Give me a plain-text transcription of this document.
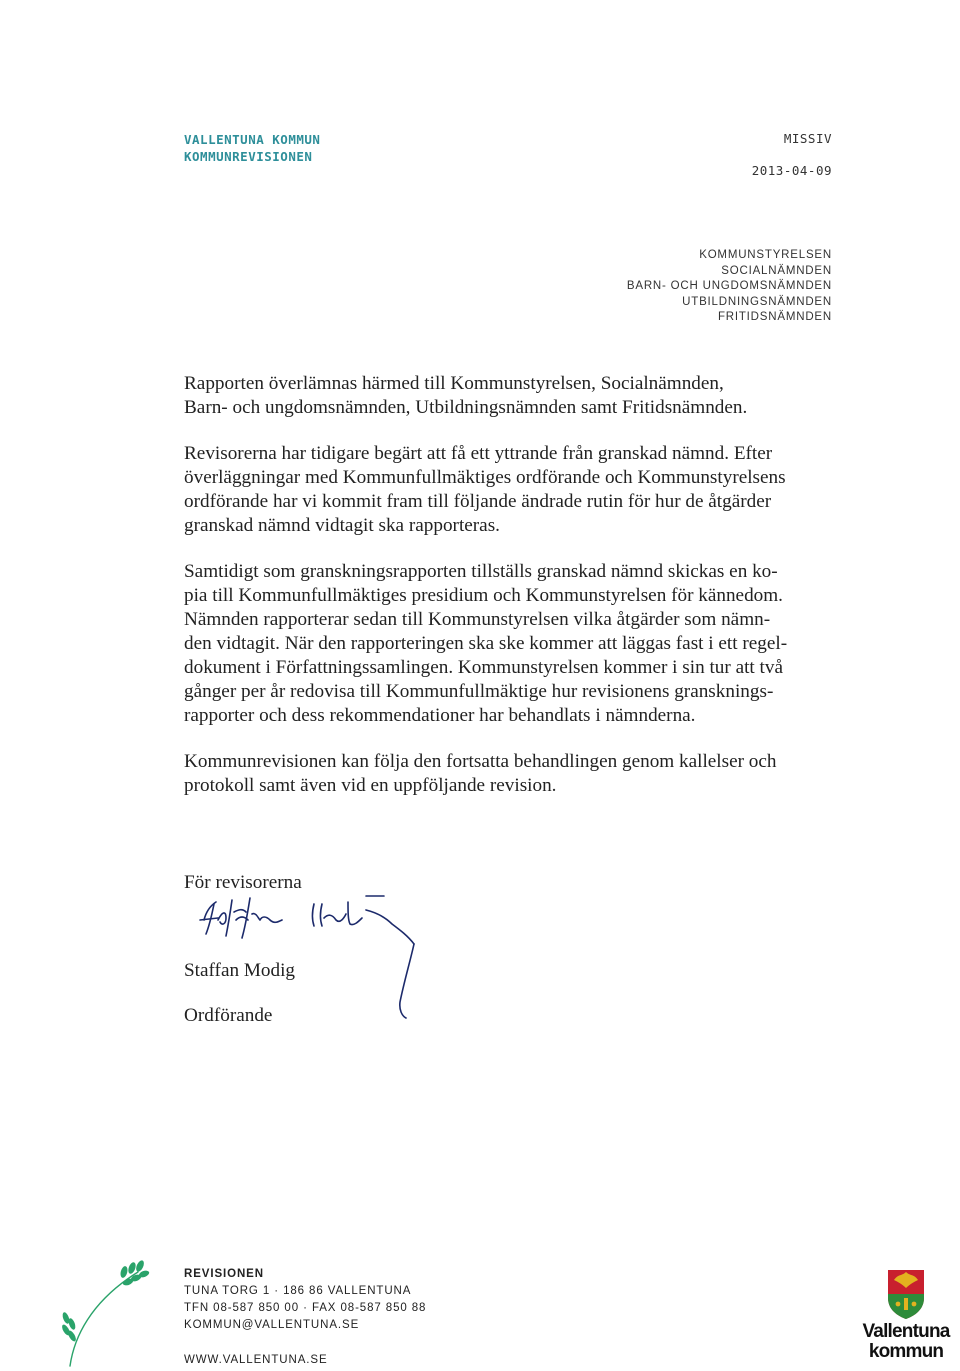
VALLENTUNA KOMMUN
KOMMUNREVISIONEN
MISSIV
2013-04-09
KOMMUNSTYRELSEN
SOCIALNÄMNDEN
BARN- OCH UNGDOMSNÄMNDEN
UTBILDNINGSNÄMNDEN
FRITIDSNÄMNDEN

Rapporten överlämnas härmed till Kommunstyrelsen, Socialnämnden,
Barn- och ungdomsnämnden, Utbildningsnämnden samt Fritidsnämnden.

Revisorerna har tidigare begärt att få ett yttrande från granskad nämnd. Efter
överläggningar med Kommunfullmäktiges ordförande och Kommunstyrelsens
ordförande har vi kommit fram till följande ändrade rutin för hur de åtgärder
granskad nämnd vidtagit ska rapporteras.

Samtidigt som granskningsrapporten tillställs granskad nämnd skickas en ko-
pia till Kommunfullmäktiges presidium och Kommunstyrelsen för kännedom.
Nämnden rapporterar sedan till Kommunstyrelsen vilka åtgärder som nämn-
den vidtagit. När den rapporteringen ska ske kommer att läggas fast i ett regel-
dokument i Författningssamlingen. Kommunstyrelsen kommer i sin tur att två
gånger per år redovisa till Kommunfullmäktige hur revisionens gransknings-
rapporter och dess rekommendationer har behandlats i nämnderna.

Kommunrevisionen kan följa den fortsatta behandlingen genom kallelser och
protokoll samt även vid en uppföljande revision.

För revisorerna
Staffan Modig
Ordförande
REVISIONEN
TUNA TORG 1 · 186 86 VALLENTUNA
TFN 08-587 850 00 · FAX 08-587 850 88
KOMMUN@VALLENTUNA.SE
WWW.VALLENTUNA.SE
Vallentuna
kommun
